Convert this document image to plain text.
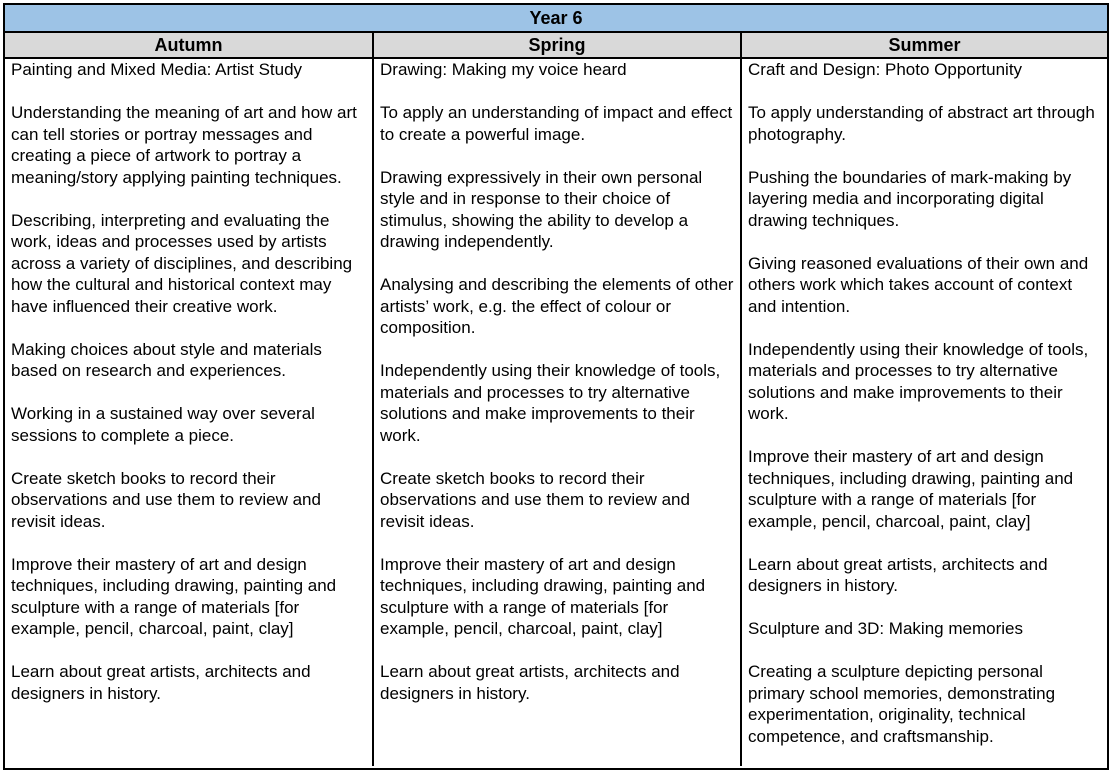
Year 6
Autumn	Spring	Summer

Painting and Mixed Media: Artist Study

Understanding the meaning of art and how art can tell stories or portray messages and creating a piece of artwork to portray a meaning/story applying painting techniques.

Describing, interpreting and evaluating the work, ideas and processes used by artists across a variety of disciplines, and describing how the cultural and historical context may have influenced their creative work.

Making choices about style and materials based on research and experiences.

Working in a sustained way over several sessions to complete a piece.

Create sketch books to record their observations and use them to review and revisit ideas.

Improve their mastery of art and design techniques, including drawing, painting and sculpture with a range of materials [for example, pencil, charcoal, paint, clay]

Learn about great artists, architects and designers in history.

Drawing: Making my voice heard

To apply an understanding of impact and effect to create a powerful image.

Drawing expressively in their own personal style and in response to their choice of stimulus, showing the ability to develop a drawing independently.

Analysing and describing the elements of other artists’ work, e.g. the effect of colour or composition.

Independently using their knowledge of tools, materials and processes to try alternative solutions and make improvements to their work.

Create sketch books to record their observations and use them to review and revisit ideas.

Improve their mastery of art and design techniques, including drawing, painting and sculpture with a range of materials [for example, pencil, charcoal, paint, clay]

Learn about great artists, architects and designers in history.

Craft and Design: Photo Opportunity

To apply understanding of abstract art through photography.

Pushing the boundaries of mark-making by layering media and incorporating digital drawing techniques.

Giving reasoned evaluations of their own and others work which takes account of context and intention.

Independently using their knowledge of tools, materials and processes to try alternative solutions and make improvements to their work.

Improve their mastery of art and design techniques, including drawing, painting and sculpture with a range of materials [for example, pencil, charcoal, paint, clay]

Learn about great artists, architects and designers in history.

Sculpture and 3D: Making memories

Creating a sculpture depicting personal primary school memories, demonstrating experimentation, originality, technical competence, and craftsmanship.
